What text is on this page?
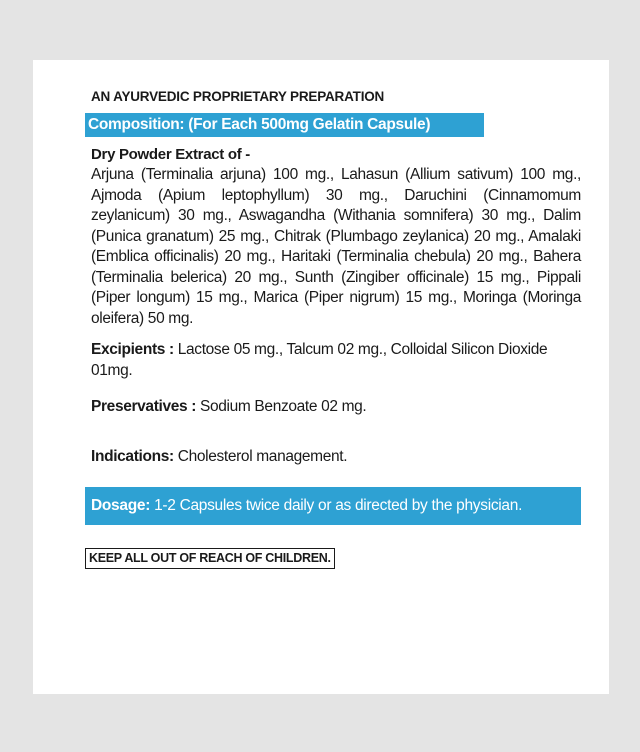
AN AYURVEDIC PROPRIETARY PREPARATION
Composition: (For Each 500mg Gelatin Capsule)
Dry Powder Extract of -

Arjuna (Terminalia arjuna) 100 mg., Lahasun (Allium sativum) 100 mg., Ajmoda (Apium leptophyllum) 30 mg., Daruchini (Cinnamomum zeylanicum) 30 mg., Aswagandha (Withania somnifera) 30 mg., Dalim (Punica granatum) 25 mg., Chitrak (Plumbago zeylanica) 20 mg., Amalaki (Emblica officinalis) 20 mg., Haritaki (Terminalia chebula) 20 mg., Bahera (Terminalia belerica) 20 mg., Sunth (Zingiber officinale) 15 mg., Pippali (Piper longum) 15 mg., Marica (Piper nigrum) 15 mg., Moringa (Moringa oleifera) 50 mg.

Excipients : Lactose 05 mg., Talcum 02 mg., Colloidal Silicon Dioxide 01mg.
Preservatives : Sodium Benzoate 02 mg.
Indications: Cholesterol management.
Dosage: 1-2 Capsules twice daily or as directed by the physician.
KEEP ALL OUT OF REACH OF CHILDREN.
